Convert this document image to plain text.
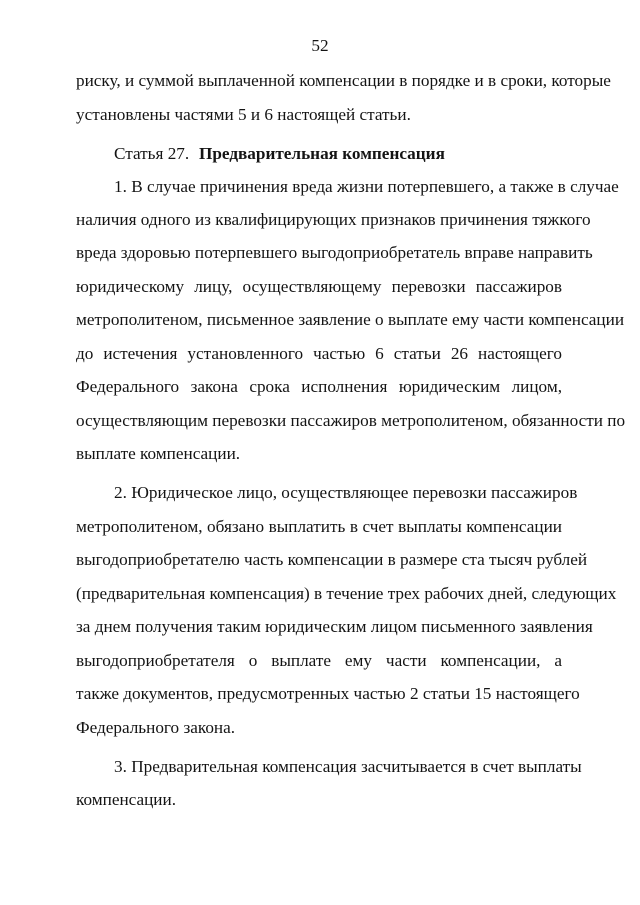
52
риску, и суммой выплаченной компенсации в порядке и в сроки, которые
установлены частями 5 и 6 настоящей статьи.
Статья 27. Предварительная компенсация
1. В случае причинения вреда жизни потерпевшего, а также в случае
наличия одного из квалифицирующих признаков причинения тяжкого
вреда здоровью потерпевшего выгодоприобретатель вправе направить
юридическому лицу, осуществляющему перевозки пассажиров
метрополитеном, письменное заявление о выплате ему части компенсации
до истечения установленного частью 6 статьи 26 настоящего
Федерального закона срока исполнения юридическим лицом,
осуществляющим перевозки пассажиров метрополитеном, обязанности по
выплате компенсации.
2. Юридическое лицо, осуществляющее перевозки пассажиров
метрополитеном, обязано выплатить в счет выплаты компенсации
выгодоприобретателю часть компенсации в размере ста тысяч рублей
(предварительная компенсация) в течение трех рабочих дней, следующих
за днем получения таким юридическим лицом письменного заявления
выгодоприобретателя о выплате ему части компенсации, а
также документов, предусмотренных частью 2 статьи 15 настоящего
Федерального закона.
3. Предварительная компенсация засчитывается в счет выплаты
компенсации.
